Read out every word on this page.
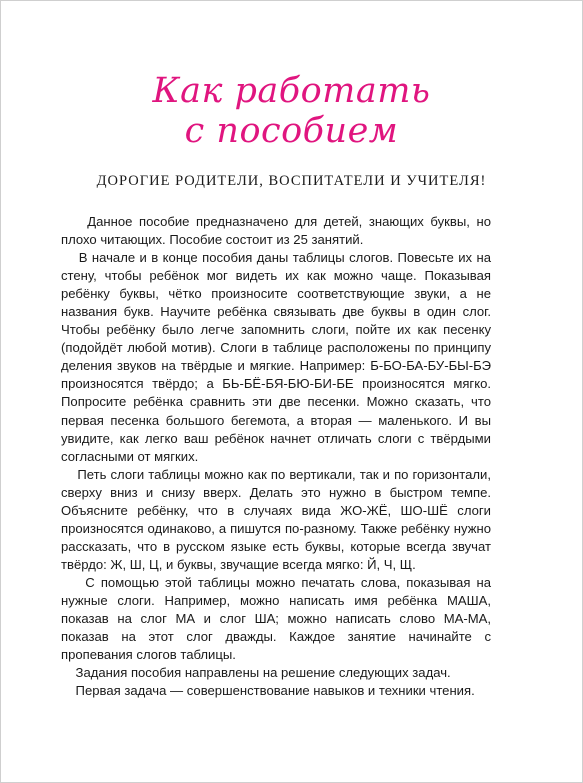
Как работать
с пособием
ДОРОГИЕ РОДИТЕЛИ, ВОСПИТАТЕЛИ И УЧИТЕЛЯ!

Данное пособие предназначено для детей, знающих буквы, но плохо читающих. Пособие состоит из 25 занятий.

В начале и в конце пособия даны таблицы слогов. Повесьте их на стену, чтобы ребёнок мог видеть их как можно чаще. Показывая ребёнку буквы, чётко произносите соответствующие звуки, а не названия букв. Научите ребёнка связывать две буквы в один слог. Чтобы ребёнку было легче запомнить слоги, пойте их как песенку (подойдёт любой мотив). Слоги в таблице расположены по принципу деления звуков на твёрдые и мягкие. Например: Б-БО-БА-БУ-БЫ-БЭ произносятся твёрдо; а БЬ-БЁ-БЯ-БЮ-БИ-БЕ произносятся мягко. Попросите ребёнка сравнить эти две песенки. Можно сказать, что первая песенка большого бегемота, а вторая — маленького. И вы увидите, как легко ваш ребёнок начнет отличать слоги с твёрдыми согласными от мягких.

Петь слоги таблицы можно как по вертикали, так и по горизонтали, сверху вниз и снизу вверх. Делать это нужно в быстром темпе. Объясните ребёнку, что в случаях вида ЖО-ЖЁ, ШО-ШЁ слоги произносятся одинаково, а пишутся по-разному. Также ребёнку нужно рассказать, что в русском языке есть буквы, которые всегда звучат твёрдо: Ж, Ш, Ц, и буквы, звучащие всегда мягко: Й, Ч, Щ.

С помощью этой таблицы можно печатать слова, показывая на нужные слоги. Например, можно написать имя ребёнка МАША, показав на слог МА и слог ША; можно написать слово МА-МА, показав на этот слог дважды. Каждое занятие начинайте с пропевания слогов таблицы.

Задания пособия направлены на решение следующих задач.

Первая задача — совершенствование навыков и техники чтения.
